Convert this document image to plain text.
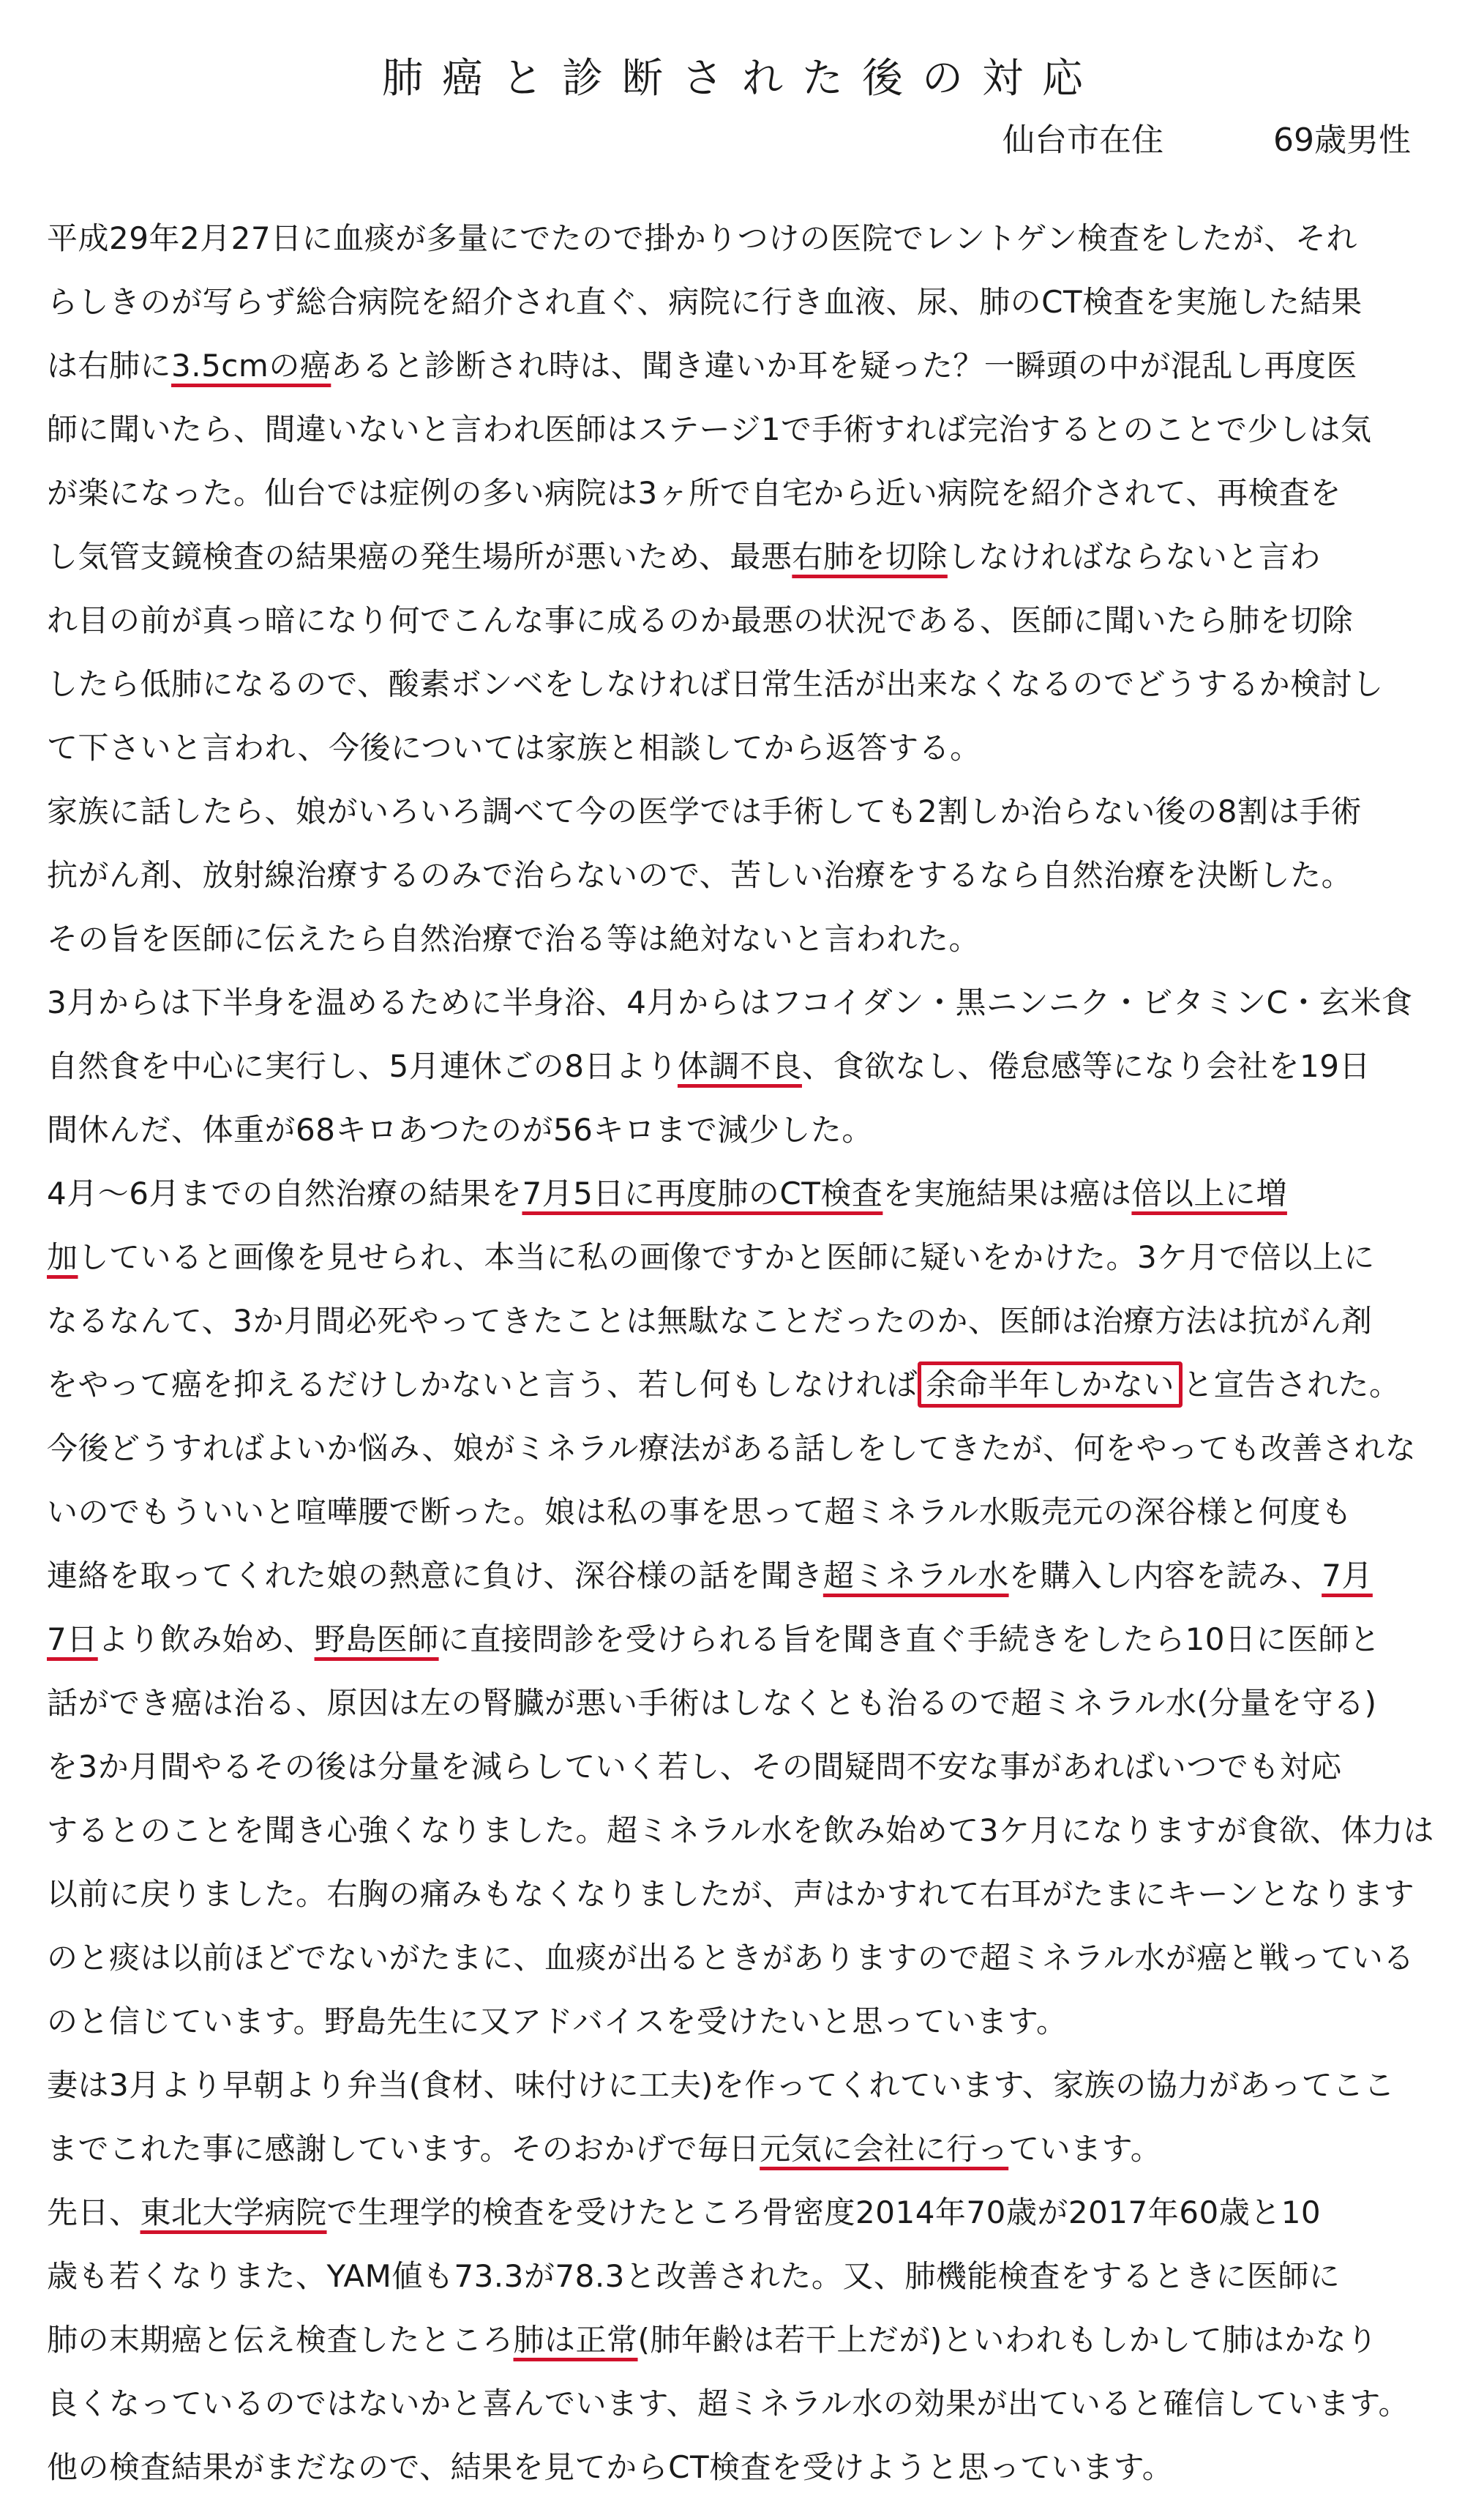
肺癌と診断された後の対応
仙台市在住	69歳男性
平成29年2月27日に血痰が多量にでたので掛かりつけの医院でレントゲン検査をしたが、それ
らしきのが写らず総合病院を紹介され直ぐ、病院に行き血液、尿、肺のCT検査を実施した結果
は右肺に3.5cmの癌あると診断され時は、聞き違いか耳を疑った？一瞬頭の中が混乱し再度医
師に聞いたら、間違いないと言われ医師はステージ1で手術すれば完治するとのことで少しは気
が楽になった。仙台では症例の多い病院は3ヶ所で自宅から近い病院を紹介されて、再検査を
し気管支鏡検査の結果癌の発生場所が悪いため、最悪右肺を切除しなければならないと言わ
れ目の前が真っ暗になり何でこんな事に成るのか最悪の状況である、医師に聞いたら肺を切除
したら低肺になるので、酸素ボンベをしなければ日常生活が出来なくなるのでどうするか検討し
て下さいと言われ、今後については家族と相談してから返答する。
家族に話したら、娘がいろいろ調べて今の医学では手術しても2割しか治らない後の8割は手術
抗がん剤、放射線治療するのみで治らないので、苦しい治療をするなら自然治療を決断した。
その旨を医師に伝えたら自然治療で治る等は絶対ないと言われた。
3月からは下半身を温めるために半身浴、4月からはフコイダン・黒ニンニク・ビタミンC・玄米食
自然食を中心に実行し、5月連休ごの8日より体調不良、食欲なし、倦怠感等になり会社を19日
間休んだ、体重が68キロあつたのが56キロまで減少した。
4月～6月までの自然治療の結果を7月5日に再度肺のCT検査を実施結果は癌は倍以上に増
加していると画像を見せられ、本当に私の画像ですかと医師に疑いをかけた。3ケ月で倍以上に
なるなんて、3か月間必死やってきたことは無駄なことだったのか、医師は治療方法は抗がん剤
をやって癌を抑えるだけしかないと言う、若し何もしなければ 余命半年しかない と宣告された。
今後どうすればよいか悩み、娘がミネラル療法がある話しをしてきたが、何をやっても改善されな
いのでもういいと喧嘩腰で断った。娘は私の事を思って超ミネラル水販売元の深谷様と何度も
連絡を取ってくれた娘の熱意に負け、深谷様の話を聞き超ミネラル水を購入し内容を読み、7月
7日より飲み始め、野島医師に直接問診を受けられる旨を聞き直ぐ手続きをしたら10日に医師と
話ができ癌は治る、原因は左の腎臓が悪い手術はしなくとも治るので超ミネラル水(分量を守る)
を3か月間やるその後は分量を減らしていく若し、その間疑問不安な事があればいつでも対応
するとのことを聞き心強くなりました。超ミネラル水を飲み始めて3ケ月になりますが食欲、体力は
以前に戻りました。右胸の痛みもなくなりましたが、声はかすれて右耳がたまにキーンとなります
のと痰は以前ほどでないがたまに、血痰が出るときがありますので超ミネラル水が癌と戦っている
のと信じています。野島先生に又アドバイスを受けたいと思っています。
妻は3月より早朝より弁当(食材、味付けに工夫)を作ってくれています、家族の協力があってここ
までこれた事に感謝しています。そのおかげで毎日元気に会社に行っています。
先日、東北大学病院で生理学的検査を受けたところ骨密度2014年70歳が2017年60歳と10
歳も若くなりまた、YAM値も73.3が78.3と改善された。又、肺機能検査をするときに医師に
肺の末期癌と伝え検査したところ肺は正常(肺年齢は若干上だが)といわれもしかして肺はかなり
良くなっているのではないかと喜んでいます、超ミネラル水の効果が出ていると確信しています。
他の検査結果がまだなので、結果を見てからCT検査を受けようと思っています。
